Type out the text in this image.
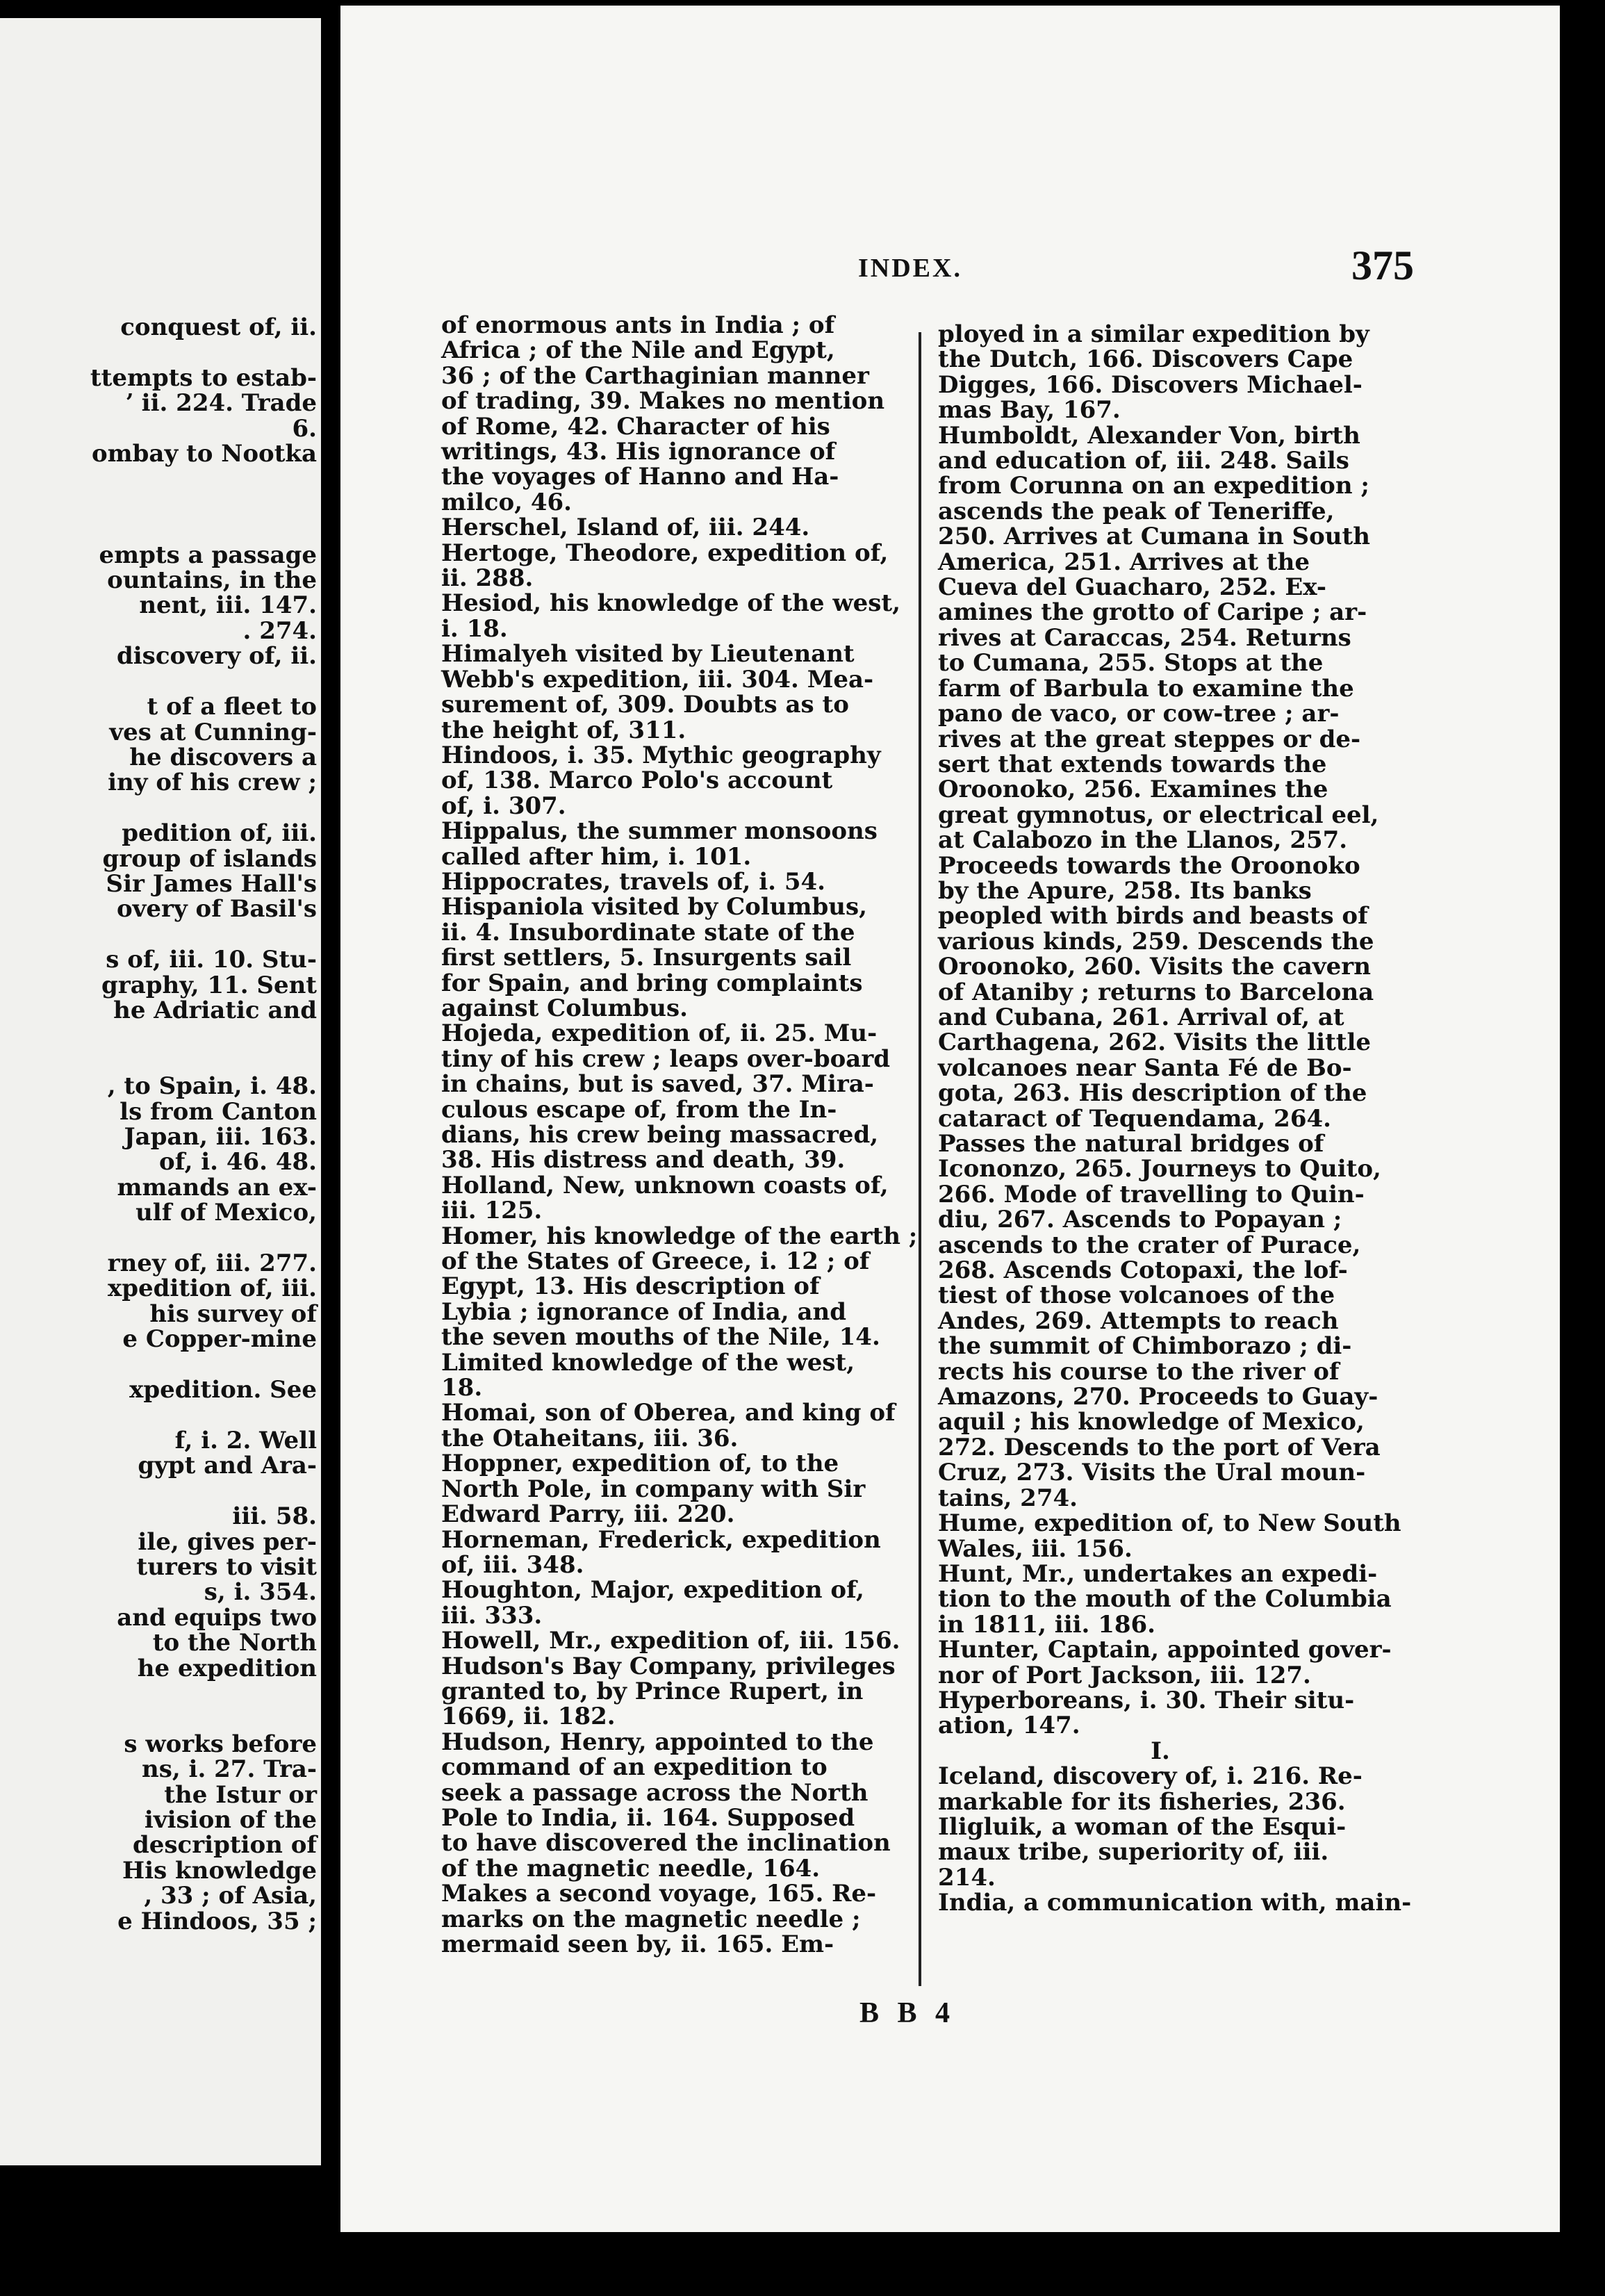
conquest of, ii.

ttempts to estab-

ʼ ii. 224. Trade

6.

ombay to Nootka

empts a passage

ountains, in the

nent, iii. 147.

. 274.

discovery of, ii.

t of a fleet to

ves at Cunning-

he discovers a

iny of his crew ;

pedition of, iii.

group of islands

Sir James Hall's

overy of Basil's

s of, iii. 10. Stu-

graphy, 11. Sent

he Adriatic and

, to Spain, i. 48.

ls from Canton

Japan, iii. 163.

of, i. 46. 48.

mmands an ex-

ulf of Mexico,

rney of, iii. 277.

xpedition of, iii.

his survey of

e Copper-mine

xpedition. See

f, i. 2. Well

gypt and Ara-

iii. 58.

ile, gives per-

turers to visit

s, i. 354.

and equips two

to the North

he expedition

s works before

ns, i. 27. Tra-

the Istur or

ivision of the

description of

His knowledge

, 33 ; of Asia,

e Hindoos, 35 ;

INDEX.	375

of enormous ants in India ; of

Africa ; of the Nile and Egypt,

36 ; of the Carthaginian manner

of trading, 39. Makes no mention

of Rome, 42. Character of his

writings, 43. His ignorance of

the voyages of Hanno and Ha-

milco, 46.

Herschel, Island of, iii. 244.

Hertoge, Theodore, expedition of,

ii. 288.

Hesiod, his knowledge of the west,

i. 18.

Himalyeh visited by Lieutenant

Webb's expedition, iii. 304. Mea-

surement of, 309. Doubts as to

the height of, 311.

Hindoos, i. 35. Mythic geography

of, 138. Marco Polo's account

of, i. 307.

Hippalus, the summer monsoons

called after him, i. 101.

Hippocrates, travels of, i. 54.

Hispaniola visited by Columbus,

ii. 4. Insubordinate state of the

first settlers, 5. Insurgents sail

for Spain, and bring complaints

against Columbus.

Hojeda, expedition of, ii. 25. Mu-

tiny of his crew ; leaps over-board

in chains, but is saved, 37. Mira-

culous escape of, from the In-

dians, his crew being massacred,

38. His distress and death, 39.

Holland, New, unknown coasts of,

iii. 125.

Homer, his knowledge of the earth ;

of the States of Greece, i. 12 ; of

Egypt, 13. His description of

Lybia ; ignorance of India, and

the seven mouths of the Nile, 14.

Limited knowledge of the west,

18.

Homai, son of Oberea, and king of

the Otaheitans, iii. 36.

Hoppner, expedition of, to the

North Pole, in company with Sir

Edward Parry, iii. 220.

Horneman, Frederick, expedition

of, iii. 348.

Houghton, Major, expedition of,

iii. 333.

Howell, Mr., expedition of, iii. 156.

Hudson's Bay Company, privileges

granted to, by Prince Rupert, in

1669, ii. 182.

Hudson, Henry, appointed to the

command of an expedition to

seek a passage across the North

Pole to India, ii. 164. Supposed

to have discovered the inclination

of the magnetic needle, 164.

Makes a second voyage, 165. Re-

marks on the magnetic needle ;

mermaid seen by, ii. 165. Em-

ployed in a similar expedition by

the Dutch, 166. Discovers Cape

Digges, 166. Discovers Michael-

mas Bay, 167.

Humboldt, Alexander Von, birth

and education of, iii. 248. Sails

from Corunna on an expedition ;

ascends the peak of Teneriffe,

250. Arrives at Cumana in South

America, 251. Arrives at the

Cueva del Guacharo, 252. Ex-

amines the grotto of Caripe ; ar-

rives at Caraccas, 254. Returns

to Cumana, 255. Stops at the

farm of Barbula to examine the

pano de vaco, or cow-tree ; ar-

rives at the great steppes or de-

sert that extends towards the

Oroonoko, 256. Examines the

great gymnotus, or electrical eel,

at Calabozo in the Llanos, 257.

Proceeds towards the Oroonoko

by the Apure, 258. Its banks

peopled with birds and beasts of

various kinds, 259. Descends the

Oroonoko, 260. Visits the cavern

of Ataniby ; returns to Barcelona

and Cubana, 261. Arrival of, at

Carthagena, 262. Visits the little

volcanoes near Santa Fé de Bo-

gota, 263. His description of the

cataract of Tequendama, 264.

Passes the natural bridges of

Icononzo, 265. Journeys to Quito,

266. Mode of travelling to Quin-

diu, 267. Ascends to Popayan ;

ascends to the crater of Purace,

268. Ascends Cotopaxi, the lof-

tiest of those volcanoes of the

Andes, 269. Attempts to reach

the summit of Chimborazo ; di-

rects his course to the river of

Amazons, 270. Proceeds to Guay-

aquil ; his knowledge of Mexico,

272. Descends to the port of Vera

Cruz, 273. Visits the Ural moun-

tains, 274.

Hume, expedition of, to New South

Wales, iii. 156.

Hunt, Mr., undertakes an expedi-

tion to the mouth of the Columbia

in 1811, iii. 186.

Hunter, Captain, appointed gover-

nor of Port Jackson, iii. 127.

Hyperboreans, i. 30. Their situ-

ation, 147.

I.

Iceland, discovery of, i. 216. Re-

markable for its fisheries, 236.

Iligluik, a woman of the Esqui-

maux tribe, superiority of, iii.

214.

India, a communication with, main-

B B 4
